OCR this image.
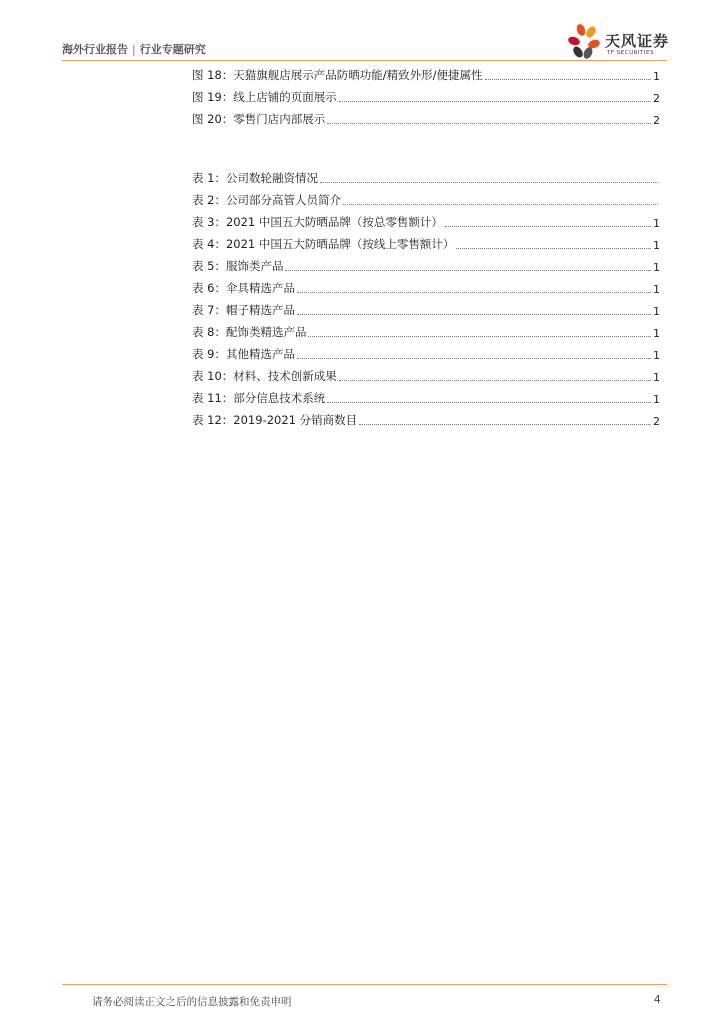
海外行业报告 | 行业专题研究	天风证券
TF SECURITIES
图 18： 天猫旗舰店展示产品防晒功能/精致外形/便捷属性	1
图 19： 线上店铺的页面展示	2
图 20： 零售门店内部展示	2
表 1： 公司数轮融资情况
表 2： 公司部分高管人员简介
表 3： 2021 中国五大防晒品牌（按总零售额计）	1
表 4： 2021 中国五大防晒品牌（按线上零售额计）	1
表 5： 服饰类产品	1
表 6： 伞具精选产品	1
表 7： 帽子精选产品	1
表 8： 配饰类精选产品	1
表 9： 其他精选产品	1
表 10： 材料、技术创新成果	1
表 11： 部分信息技术系统	1
表 12： 2019-2021 分销商数目	2
请务必阅读正文之后的信息披露和免责申明	4
